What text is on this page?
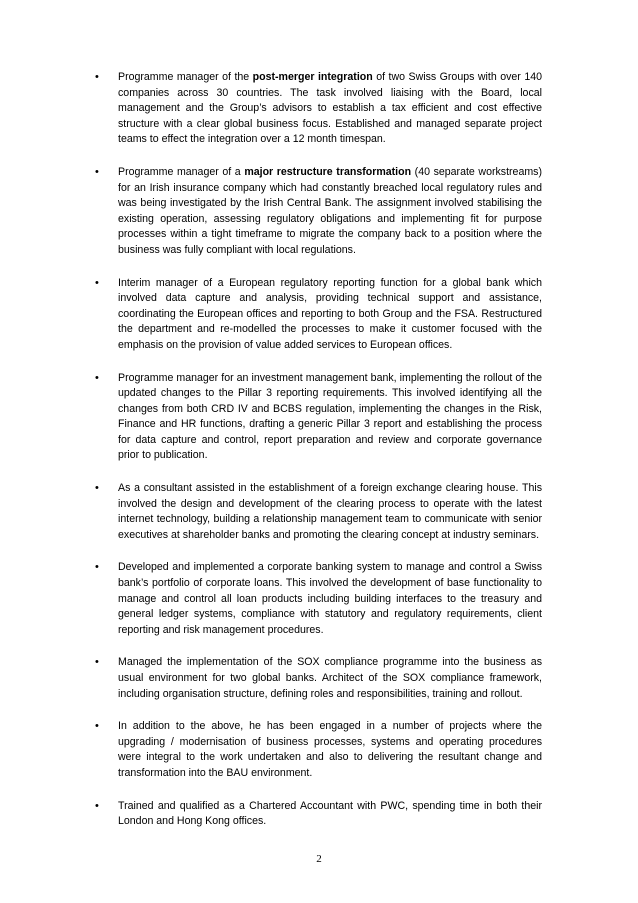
• Programme manager of the post-merger integration of two Swiss Groups with over 140 companies across 30 countries. The task involved liaising with the Board, local management and the Group’s advisors to establish a tax efficient and cost effective structure with a clear global business focus. Established and managed separate project teams to effect the integration over a 12 month timespan.
• Programme manager of a major restructure transformation (40 separate workstreams) for an Irish insurance company which had constantly breached local regulatory rules and was being investigated by the Irish Central Bank. The assignment involved stabilising the existing operation, assessing regulatory obligations and implementing fit for purpose processes within a tight timeframe to migrate the company back to a position where the business was fully compliant with local regulations.
• Interim manager of a European regulatory reporting function for a global bank which involved data capture and analysis, providing technical support and assistance, coordinating the European offices and reporting to both Group and the FSA. Restructured the department and re-modelled the processes to make it customer focused with the emphasis on the provision of value added services to European offices.
• Programme manager for an investment management bank, implementing the rollout of the updated changes to the Pillar 3 reporting requirements. This involved identifying all the changes from both CRD IV and BCBS regulation, implementing the changes in the Risk, Finance and HR functions, drafting a generic Pillar 3 report and establishing the process for data capture and control, report preparation and review and corporate governance prior to publication.
• As a consultant assisted in the establishment of a foreign exchange clearing house. This involved the design and development of the clearing process to operate with the latest internet technology, building a relationship management team to communicate with senior executives at shareholder banks and promoting the clearing concept at industry seminars.
• Developed and implemented a corporate banking system to manage and control a Swiss bank’s portfolio of corporate loans. This involved the development of base functionality to manage and control all loan products including building interfaces to the treasury and general ledger systems, compliance with statutory and regulatory requirements, client reporting and risk management procedures.
• Managed the implementation of the SOX compliance programme into the business as usual environment for two global banks. Architect of the SOX compliance framework, including organisation structure, defining roles and responsibilities, training and rollout.
• In addition to the above, he has been engaged in a number of projects where the upgrading / modernisation of business processes, systems and operating procedures were integral to the work undertaken and also to delivering the resultant change and transformation into the BAU environment.
• Trained and qualified as a Chartered Accountant with PWC, spending time in both their London and Hong Kong offices.
2
